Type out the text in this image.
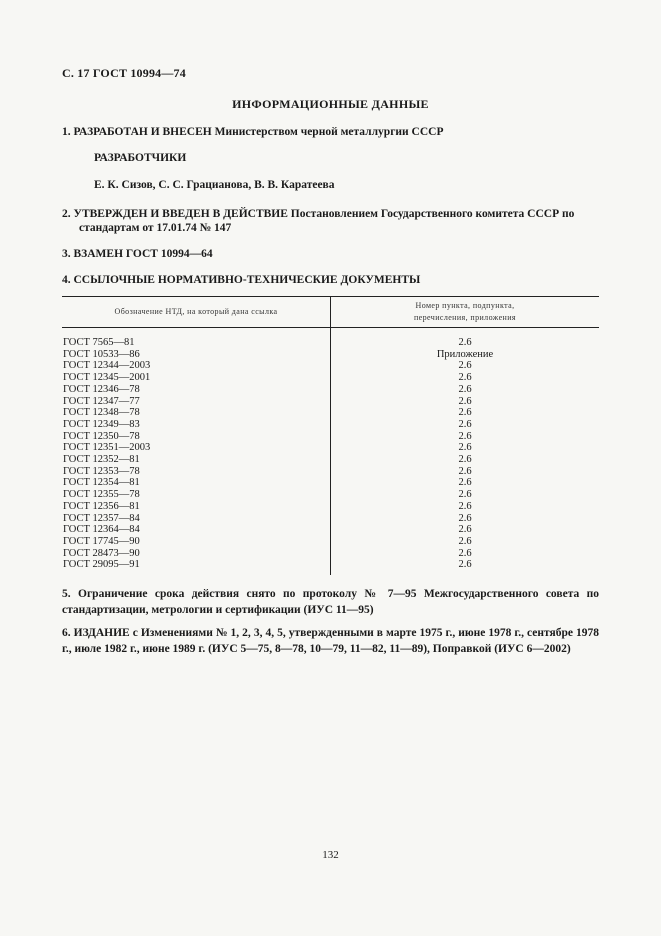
С. 17 ГОСТ 10994—74
ИНФОРМАЦИОННЫЕ ДАННЫЕ
1. РАЗРАБОТАН И ВНЕСЕН Министерством черной металлургии СССР
РАЗРАБОТЧИКИ
Е. К. Сизов, С. С. Грацианова, В. В. Каратеева
2. УТВЕРЖДЕН И ВВЕДЕН В ДЕЙСТВИЕ Постановлением Государственного комитета СССР по
стандартам от 17.01.74 № 147
3. ВЗАМЕН ГОСТ 10994—64
4. ССЫЛОЧНЫЕ НОРМАТИВНО-ТЕХНИЧЕСКИЕ ДОКУМЕНТЫ
Обозначение НТД, на который дана ссылка	Номер пункта, подпункта,
перечисления, приложения

ГОСТ 7565—81	2.6
ГОСТ 10533—86	Приложение
ГОСТ 12344—2003	2.6
ГОСТ 12345—2001	2.6
ГОСТ 12346—78	2.6
ГОСТ 12347—77	2.6
ГОСТ 12348—78	2.6
ГОСТ 12349—83	2.6
ГОСТ 12350—78	2.6
ГОСТ 12351—2003	2.6
ГОСТ 12352—81	2.6
ГОСТ 12353—78	2.6
ГОСТ 12354—81	2.6
ГОСТ 12355—78	2.6
ГОСТ 12356—81	2.6
ГОСТ 12357—84	2.6
ГОСТ 12364—84	2.6
ГОСТ 17745—90	2.6
ГОСТ 28473—90	2.6
ГОСТ 29095—91	2.6
5. Ограничение срока действия снято по протоколу № 7—95 Межгосударственного совета по стандартизации, метрологии и сертификации (ИУС 11—95)
6. ИЗДАНИЕ с Изменениями № 1, 2, 3, 4, 5, утвержденными в марте 1975 г., июне 1978 г., сентябре 1978 г., июле 1982 г., июне 1989 г. (ИУС 5—75, 8—78, 10—79, 11—82, 11—89), Поправкой (ИУС 6—2002)
132
